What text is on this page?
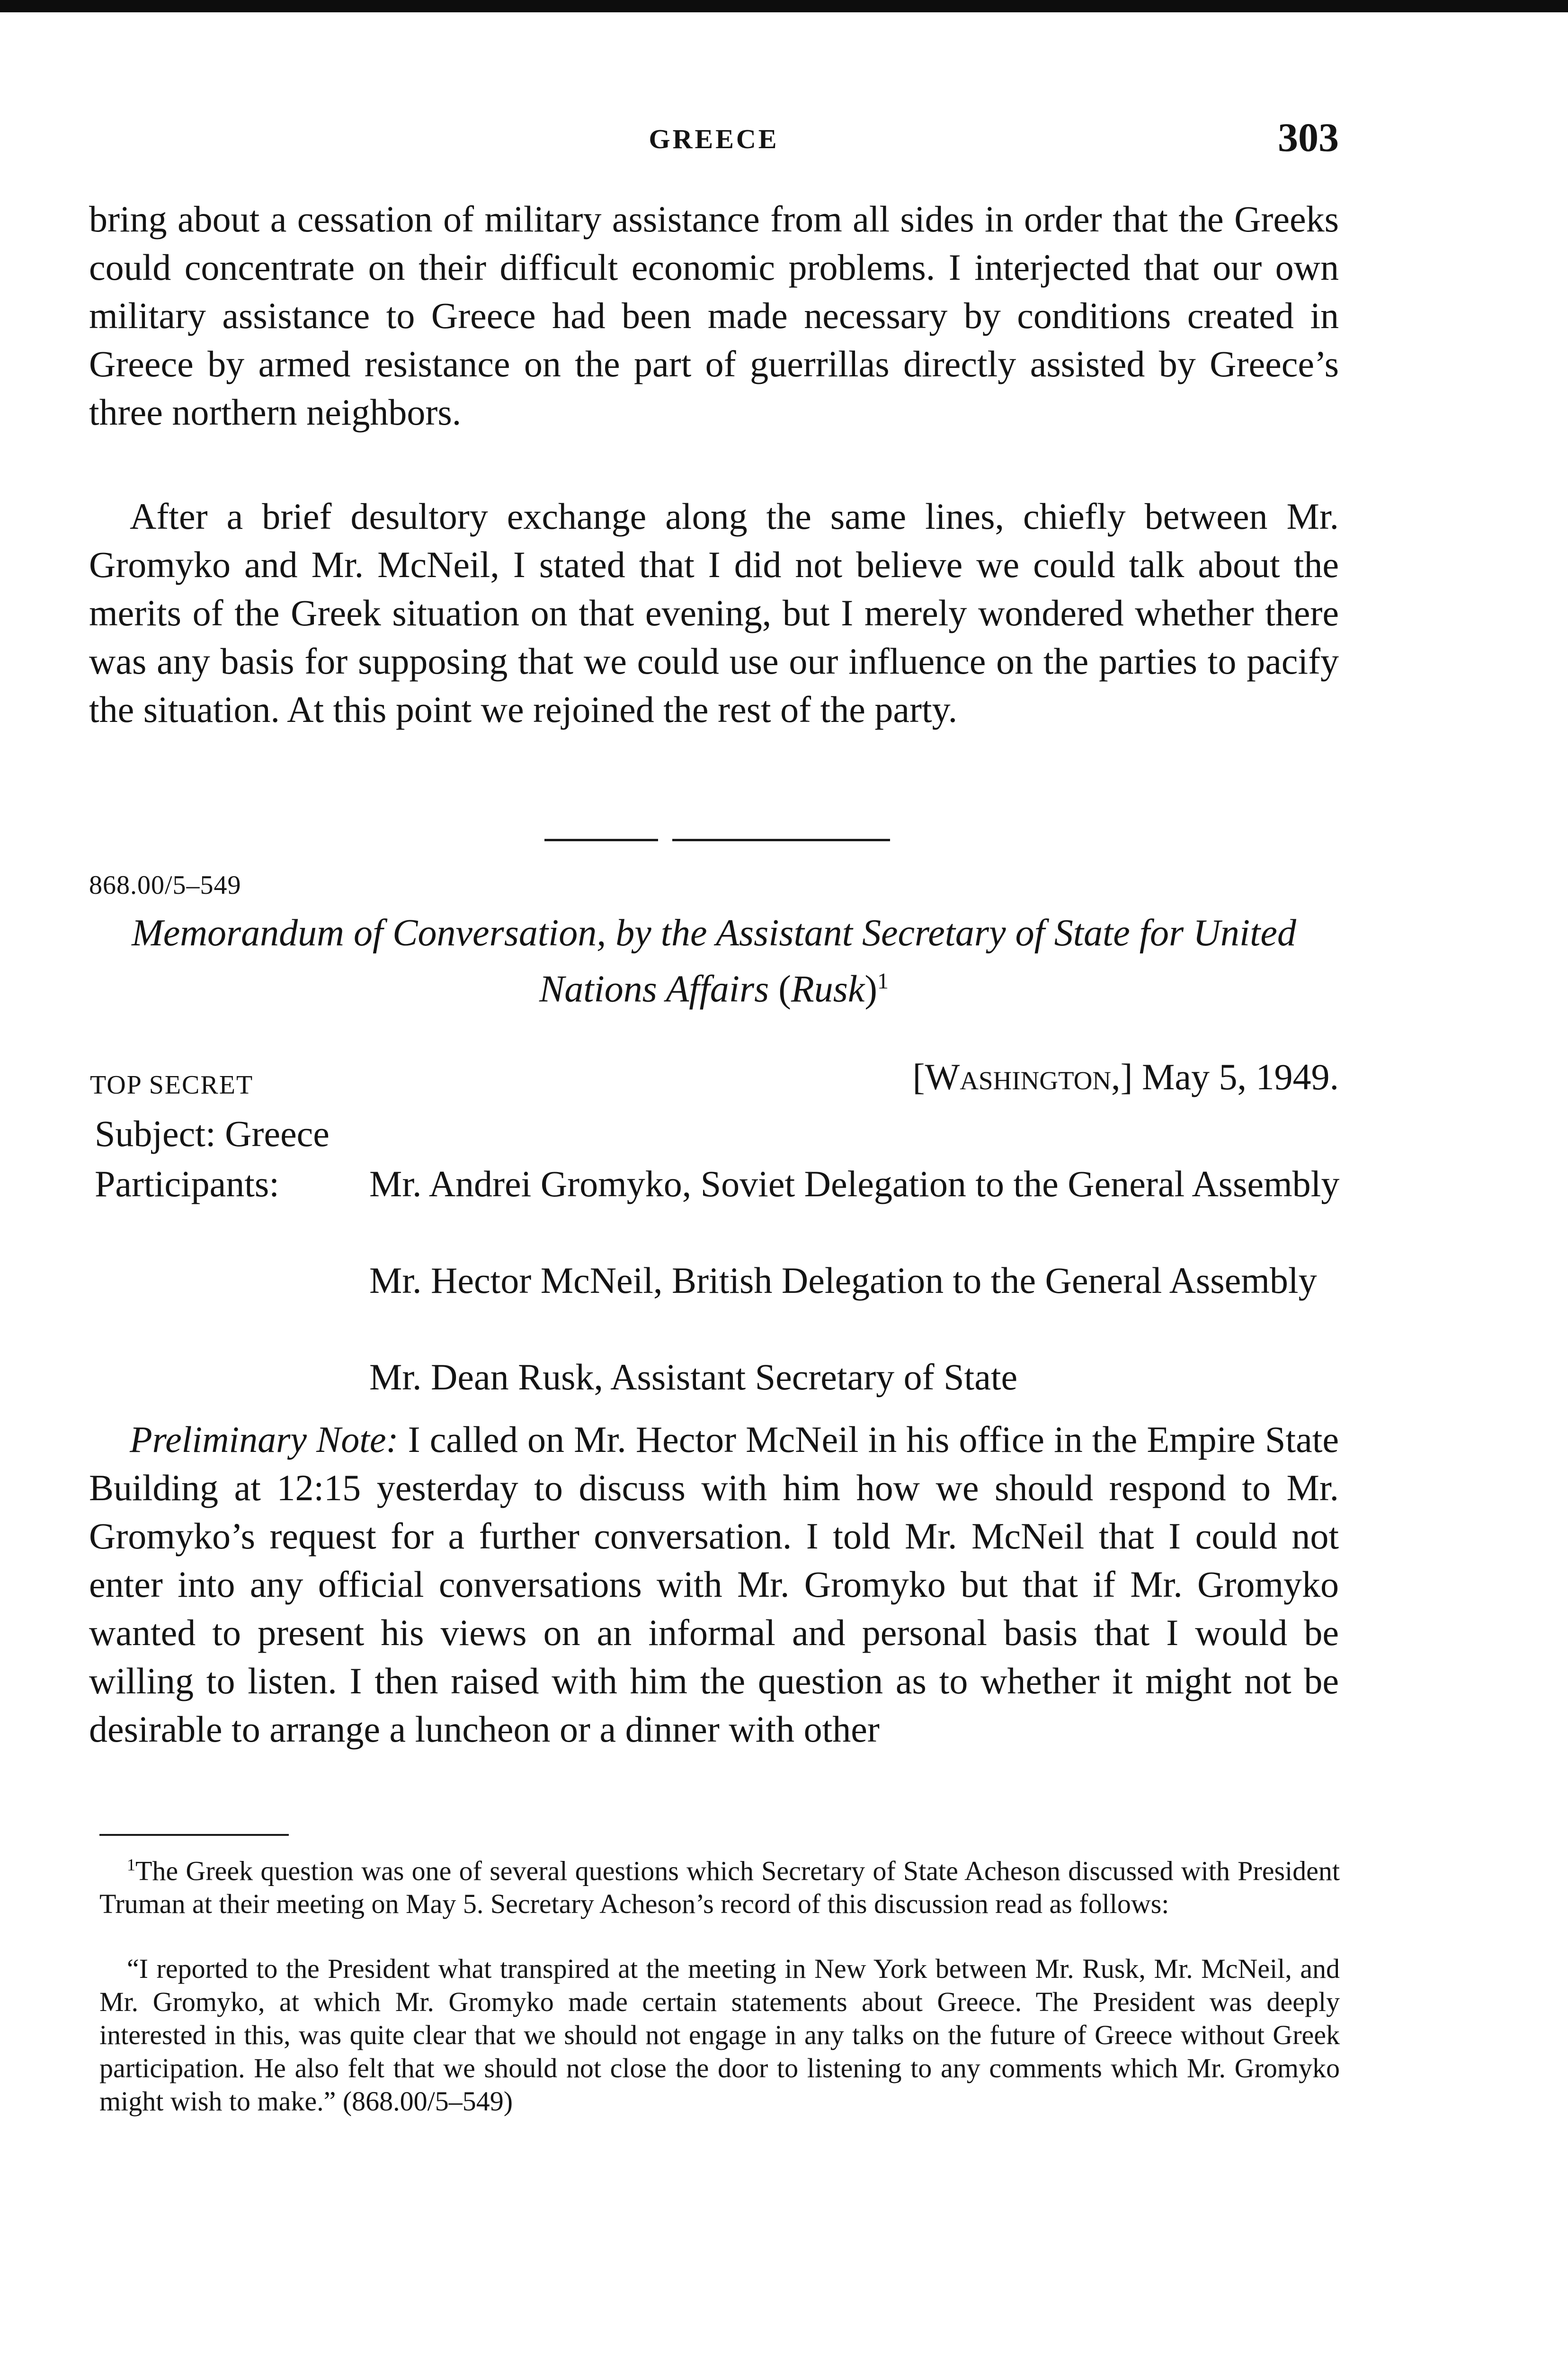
GREECE	303

bring about a cessation of military assistance from all sides in order that the Greeks could concentrate on their difficult economic problems. I interjected that our own military assistance to Greece had been made necessary by conditions created in Greece by armed resistance on the part of guerrillas directly assisted by Greece’s three northern neighbors.

After a brief desultory exchange along the same lines, chiefly between Mr. Gromyko and Mr. McNeil, I stated that I did not believe we could talk about the merits of the Greek situation on that evening, but I merely wondered whether there was any basis for supposing that we could use our influence on the parties to pacify the situation. At this point we rejoined the rest of the party.

868.00/5–549

Memorandum of Conversation, by the Assistant Secretary of State for United Nations Affairs (Rusk)$^1$

TOP SECRET	[Washington,] May 5, 1949.
Subject: Greece
Participants: Mr. Andrei Gromyko, Soviet Delegation to the General Assembly
Mr. Hector McNeil, British Delegation to the General Assembly
Mr. Dean Rusk, Assistant Secretary of State

Preliminary Note: I called on Mr. Hector McNeil in his office in the Empire State Building at 12:15 yesterday to discuss with him how we should respond to Mr. Gromyko’s request for a further conversation. I told Mr. McNeil that I could not enter into any official conversations with Mr. Gromyko but that if Mr. Gromyko wanted to present his views on an informal and personal basis that I would be willing to listen. I then raised with him the question as to whether it might not be desirable to arrange a luncheon or a dinner with other

$^1$The Greek question was one of several questions which Secretary of State Acheson discussed with President Truman at their meeting on May 5. Secretary Acheson’s record of this discussion read as follows:

“I reported to the President what transpired at the meeting in New York between Mr. Rusk, Mr. McNeil, and Mr. Gromyko, at which Mr. Gromyko made certain statements about Greece. The President was deeply interested in this, was quite clear that we should not engage in any talks on the future of Greece without Greek participation. He also felt that we should not close the door to listening to any comments which Mr. Gromyko might wish to make.” (868.00/5–549)
